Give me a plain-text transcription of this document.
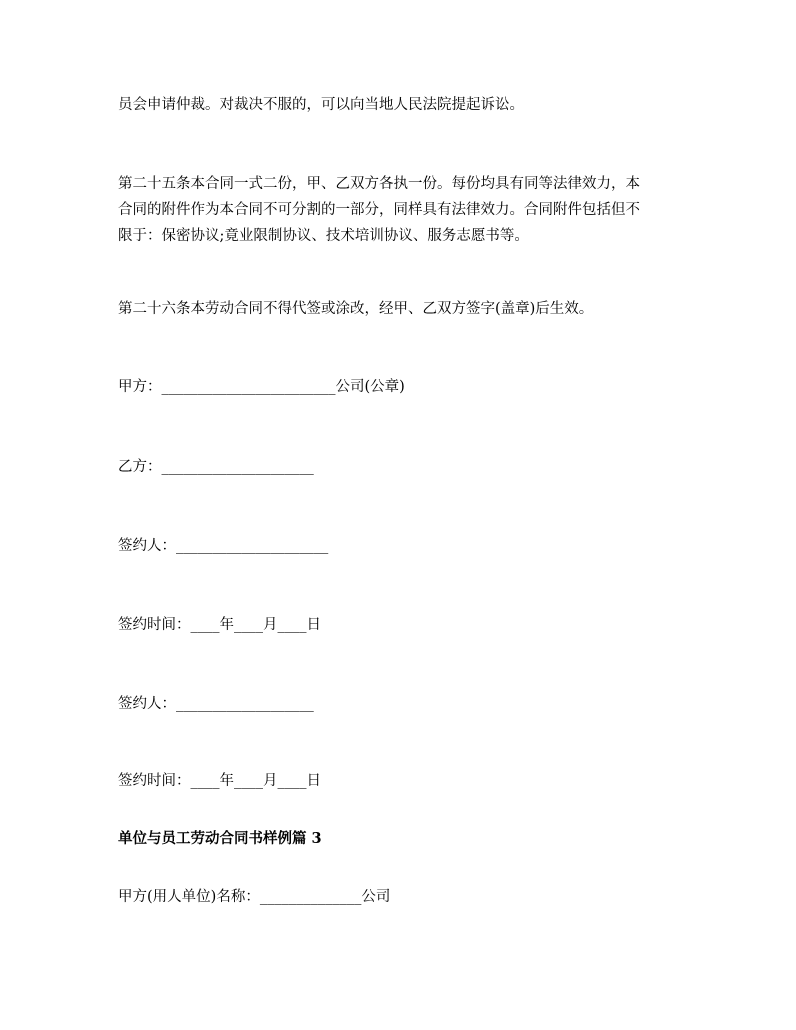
员会申请仲裁。对裁决不服的，可以向当地人民法院提起诉讼。

第二十五条本合同一式二份，甲、乙双方各执一份。每份均具有同等法律效力，本
合同的附件作为本合同不可分割的一部分，同样具有法律效力。合同附件包括但不
限于：保密协议;竟业限制协议、技术培训协议、服务志愿书等。

第二十六条本劳动合同不得代签或涂改，经甲、乙双方签字(盖章)后生效。

甲方：________________________公司(公章)
乙方：_____________________
签约人：_____________________
签约时间：____年____月____日
签约人：___________________
签约时间：____年____月____日
单位与员工劳动合同书样例篇 3
甲方(用人单位)名称：______________公司
